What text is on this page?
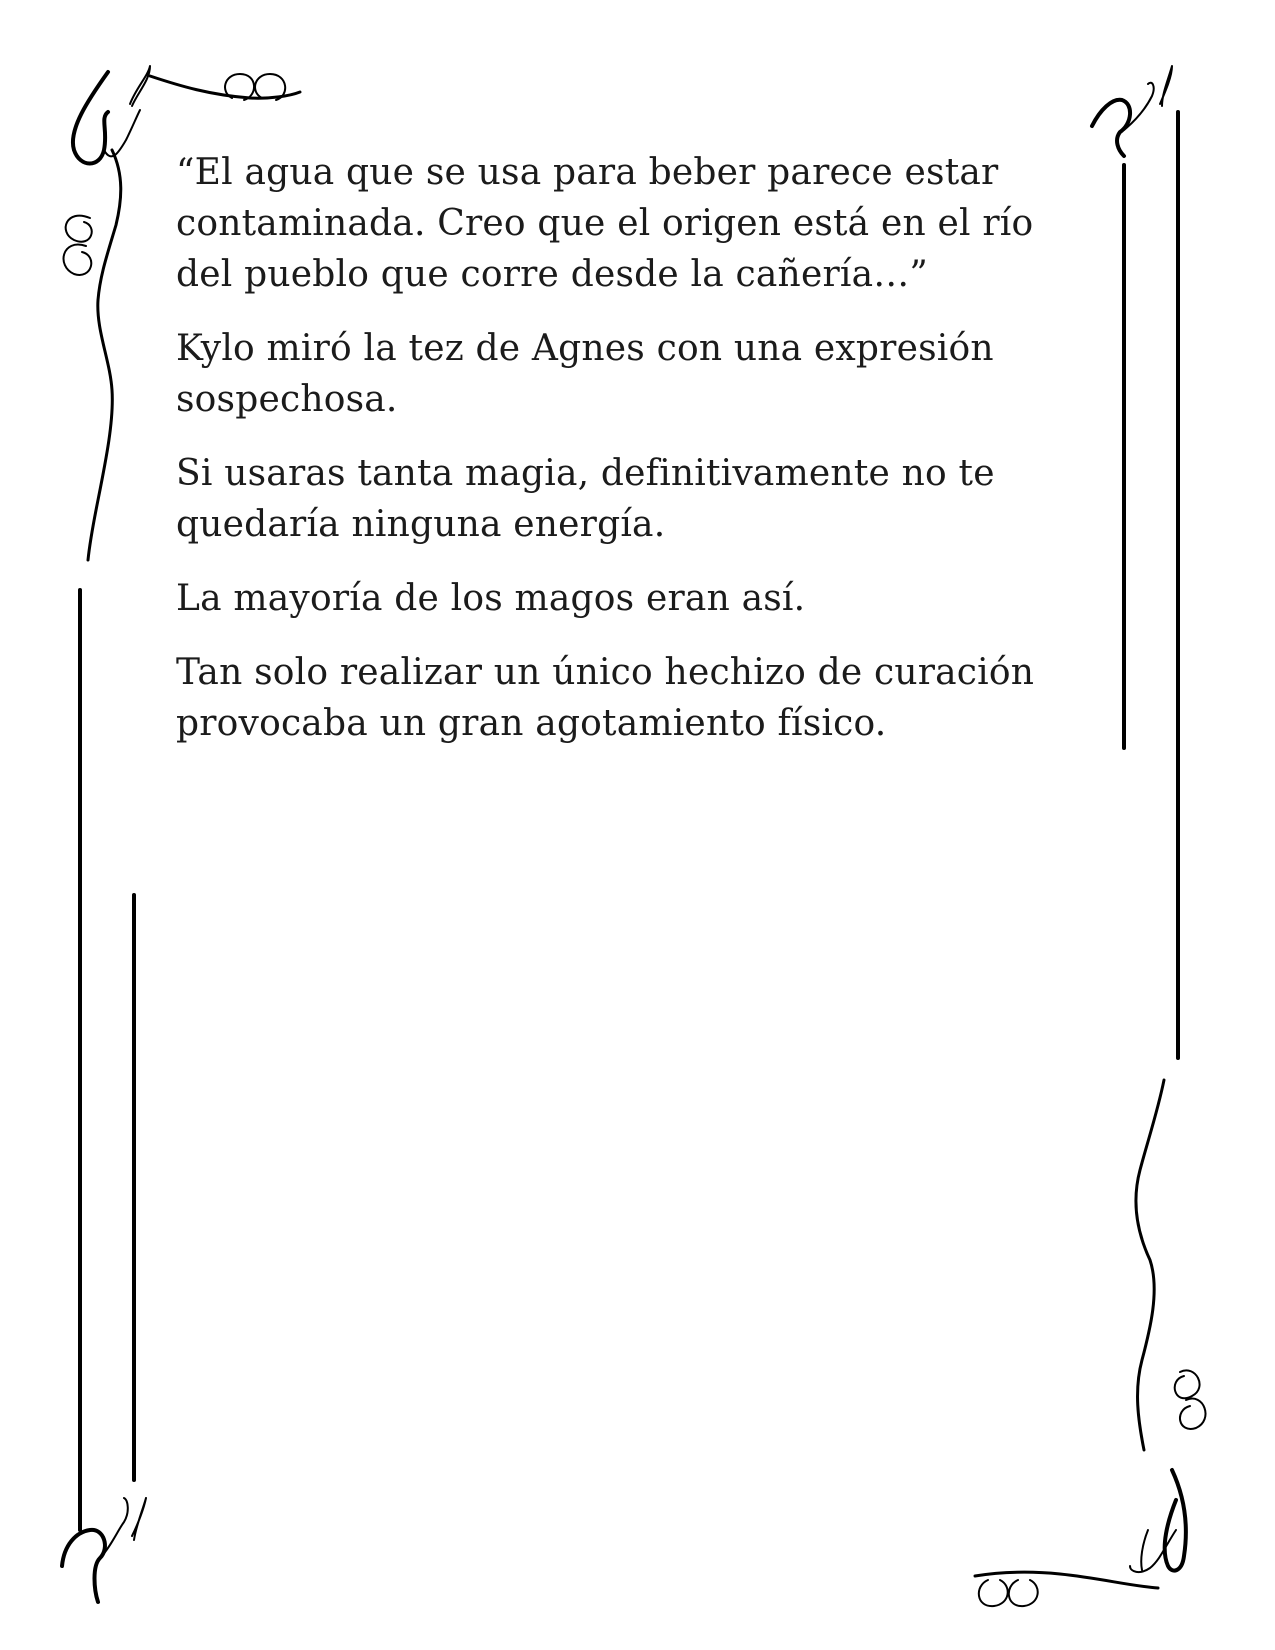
“El agua que se usa para beber parece estar
contaminada. Creo que el origen está en el río
del pueblo que corre desde la cañería…”

Kylo miró la tez de Agnes con una expresión
sospechosa.

Si usaras tanta magia, definitivamente no te
quedaría ninguna energía.

La mayoría de los magos eran así.

Tan solo realizar un único hechizo de curación
provocaba un gran agotamiento físico.
